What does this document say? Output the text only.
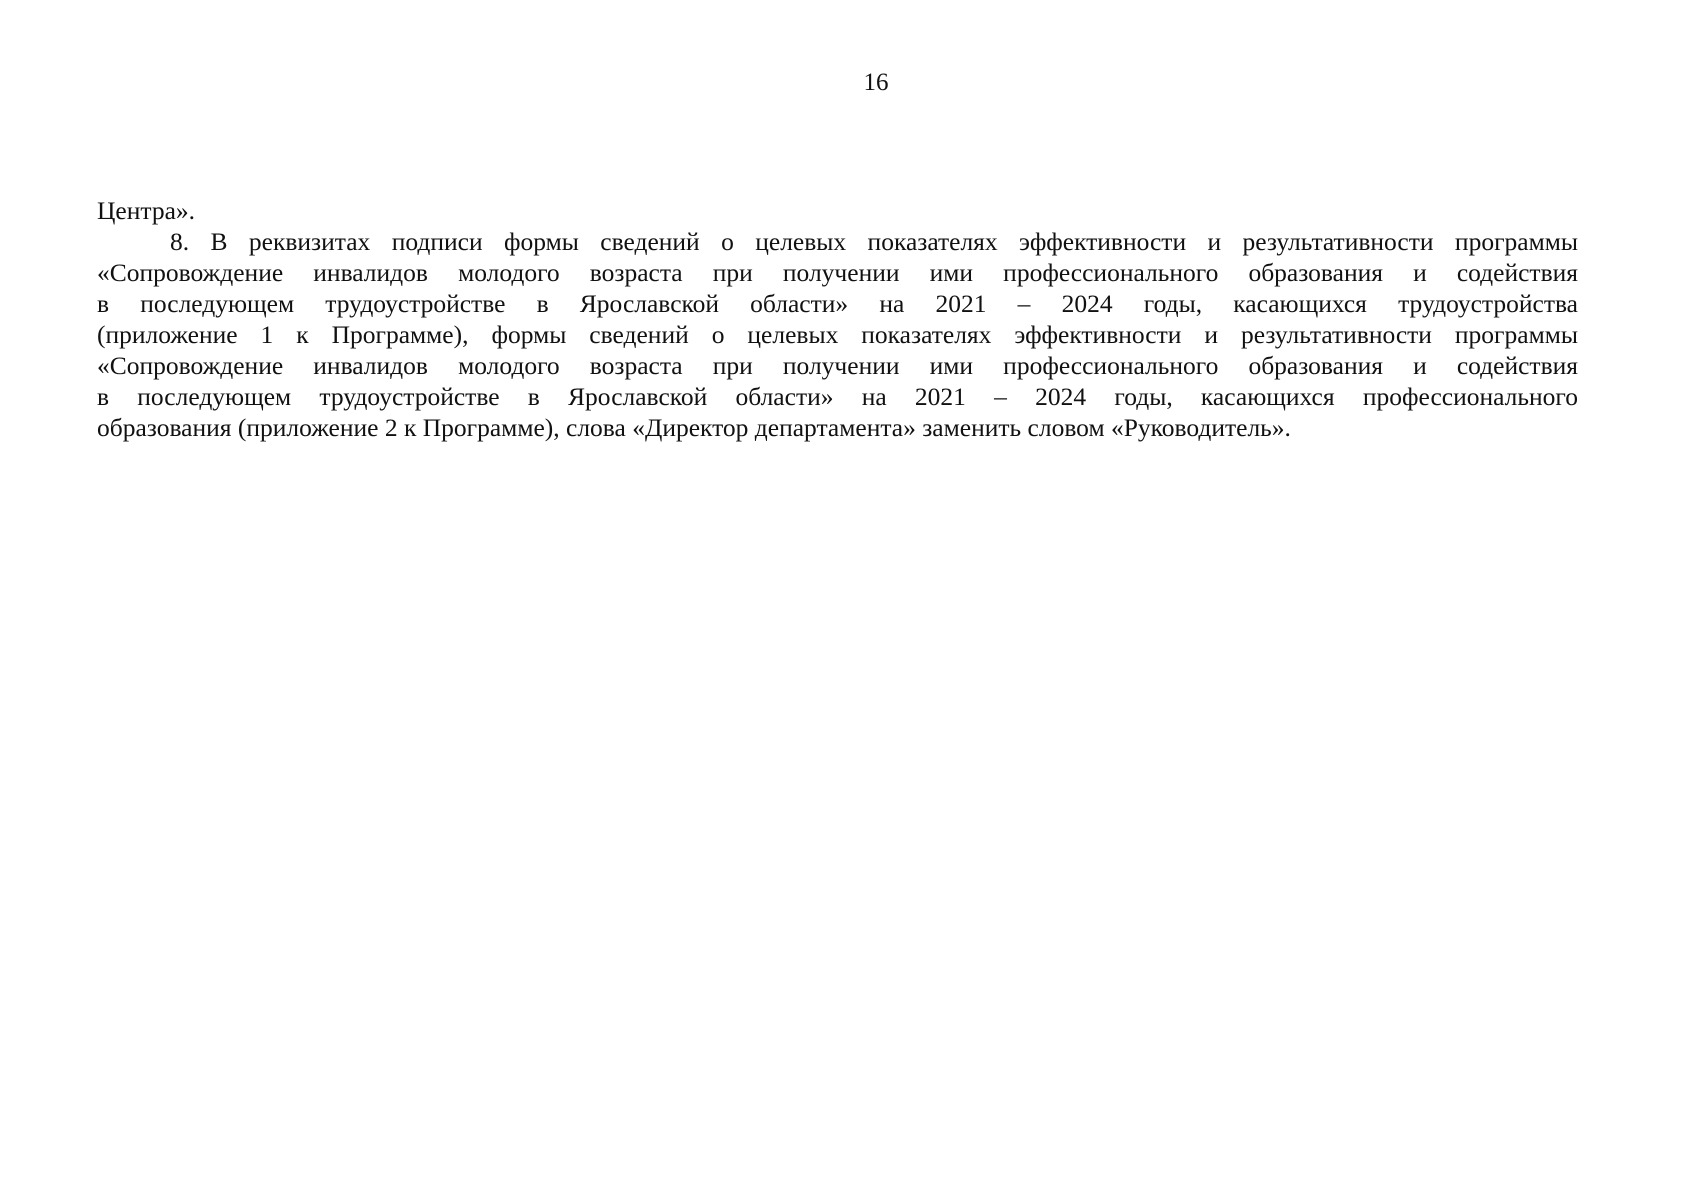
16

Центра».

8. В реквизитах подписи формы сведений о целевых показателях эффективности и результативности программы

«Сопровождение инвалидов молодого возраста при получении ими профессионального образования и содействия

в последующем трудоустройстве в Ярославской области» на 2021 – 2024 годы, касающихся трудоустройства

(приложение 1 к Программе), формы сведений о целевых показателях эффективности и результативности программы

«Сопровождение инвалидов молодого возраста при получении ими профессионального образования и содействия

в последующем трудоустройстве в Ярославской области» на 2021 – 2024 годы, касающихся профессионального

образования (приложение 2 к Программе), слова «Директор департамента» заменить словом «Руководитель».
